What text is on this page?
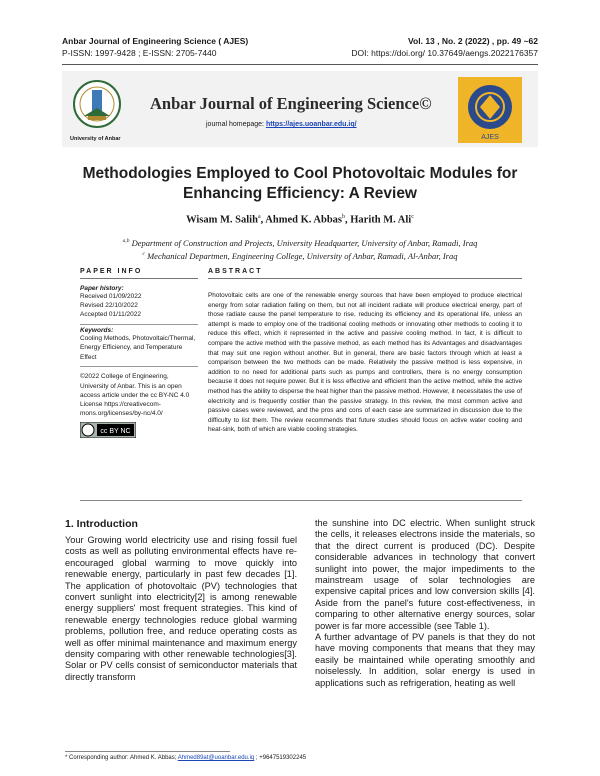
Anbar Journal of Engineering Science ( AJES)
P-ISSN: 1997-9428 ; E-ISSN: 2705-7440
Vol. 13 , No. 2 (2022) , pp. 49 ~62
DOI: https://doi.org/ 10.37649/aengs.2022176357
University of Anbar
Anbar Journal of Engineering Science©
journal homepage: https://ajes.uoanbar.edu.iq/
AJES
Methodologies Employed to Cool Photovoltaic Modules for
Enhancing Efficiency: A Review
Wisam M. Salih$^a$, Ahmed K. Abbas$^b$, Harith M. Ali$^c$
$^{a,b}$ Department of Construction and Projects, University Headquarter, University of Anbar, Ramadi, Iraq
$^c$ Mechanical Departmen, Engineering College, University of Anbar, Ramadi, Al-Anbar, Iraq
PAPER INFO
Paper history:
Received 01/09/2022
Revised 22/10/2022
Accepted 01/11/2022
Keywords:
Cooling Methods, Photovoltaic/Thermal, Energy Efficiency, and Temperature Effect
©2022 College of Engineering, University of Anbar. This is an open access article under the cc BY-NC 4.0 License https://creativecom-mons.org/licenses/by-nc/4.0/
cc BY NC
ABSTRACT
Photovoltaic cells are one of the renewable energy sources that have been employed to produce electrical energy from solar radiation falling on them, but not all incident radiate will produce electrical energy, part of those radiate cause the panel temperature to rise, reducing its efficiency and its operational life, unless an attempt is made to employ one of the traditional cooling methods or innovating other methods to cooling it to reduce this effect, which it represented in the active and passive cooling method. In fact, it is difficult to compare the active method with the passive method, as each method has its Advantages and disadvantages that may suit one region without another. But in general, there are basic factors through which at least a comparison between the two methods can be made. Relatively the passive method is less expensive, in addition to no need for additional parts such as pumps and controllers, there is no energy consumption because it does not require power. But it is less effective and efficient than the active method, while the active method has the ability to disperse the heat higher than the passive method. However, it necessitates the use of electricity and is frequently costlier than the passive strategy. In this review, the most common active and passive cases were reviewed, and the pros and cons of each case are summarized in discussion due to the difficulty to list them. The review recommends that future studies should focus on active water cooling and heat-sink, both of which are viable cooling strategies.
1. Introduction

Your Growing world electricity use and rising fossil fuel costs as well as polluting environmental effects have re-encouraged global warming to move quickly into renewable energy, particularly in past few decades [1]. The application of photovoltaic (PV) technologies that convert sunlight into electricity[2] is among renewable energy suppliers' most frequent strategies. This kind of renewable energy technologies reduce global warming problems, pollution free, and reduce operating costs as well as offer minimal maintenance and maximum energy density comparing with other renewable technologies[3]. Solar or PV cells consist of semiconductor materials that directly transform

the sunshine into DC electric. When sunlight struck the cells, it releases electrons inside the materials, so that the direct current is produced (DC). Despite considerable advances in technology that convert sunlight into power, the major impediments to the mainstream usage of solar technologies are expensive capital prices and low conversion skills [4]. Aside from the panel's future cost-effectiveness, in comparing to other alternative energy sources, solar power is far more accessible (see Table 1).

A further advantage of PV panels is that they do not have moving components that means that they may easily be maintained while operating smoothly and noiselessly. In addition, solar energy is used in applications such as refrigeration, heating as well

* Corresponding author: Ahmed K. Abbas; Ahmed89at@uoanbar.edu.iq ; +9647519302245
